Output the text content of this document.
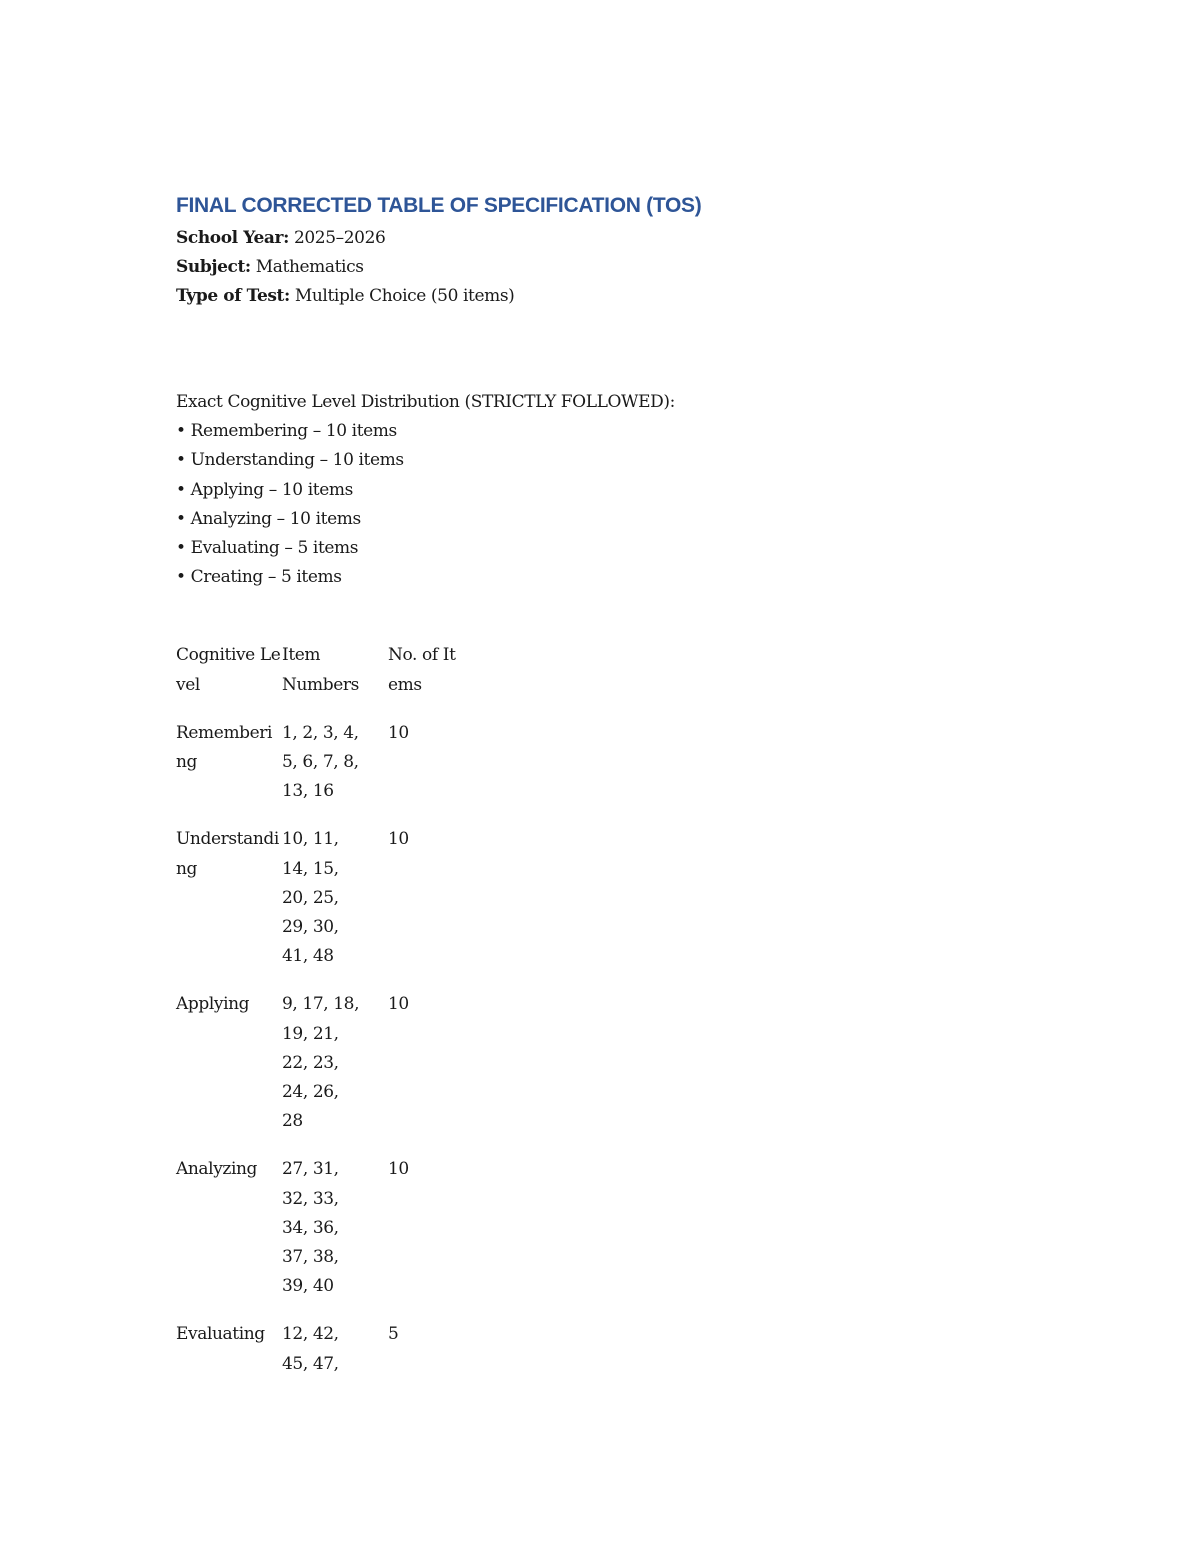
FINAL CORRECTED TABLE OF SPECIFICATION (TOS)
School Year: 2025–2026
Subject: Mathematics
Type of Test: Multiple Choice (50 items)
Exact Cognitive Level Distribution (STRICTLY FOLLOWED):
• Remembering – 10 items
• Understanding – 10 items
• Applying – 10 items
• Analyzing – 10 items
• Evaluating – 5 items
• Creating – 5 items
Cognitive Level	Item Numbers	No. of Items
Remembering	1, 2, 3, 4, 5, 6, 7, 8, 13, 16	10
Understanding	10, 11, 14, 15, 20, 25, 29, 30, 41, 48	10
Applying	9, 17, 18, 19, 21, 22, 23, 24, 26, 28	10
Analyzing	27, 31, 32, 33, 34, 36, 37, 38, 39, 40	10
Evaluating	12, 42, 45, 47,	5
